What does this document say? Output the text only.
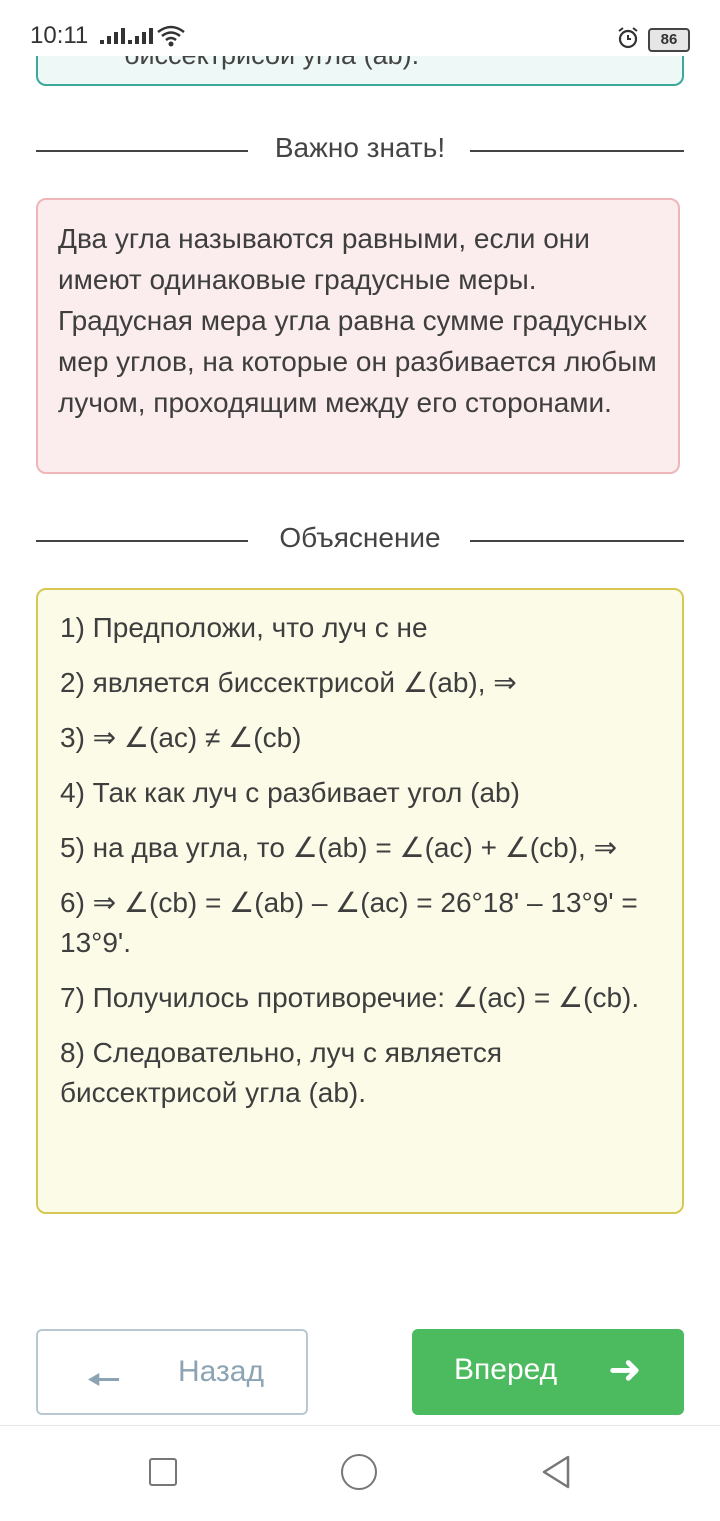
10:11	86
Важно знать!
Два угла называются равными, если они имеют одинаковые градусные меры. Градусная мера угла равна сумме градусных мер углов, на которые он разбивается любым лучом, проходящим между его сторонами.
Объяснение
1) Предположи, что луч c не
2) является биссектрисой ∠(ab), ⇒
3) ⇒ ∠(ac) ≠ ∠(cb)
4) Так как луч c разбивает угол (ab)
5) на два угла, то ∠(ab) = ∠(ac) + ∠(cb), ⇒
6) ⇒ ∠(cb) = ∠(ab) – ∠(ac) = 26°18' – 13°9' = 13°9'.
7) Получилось противоречие: ∠(ac) = ∠(cb).
8) Следовательно, луч c является биссектрисой угла (ab).
🠔 Назад	Вперед ➜
